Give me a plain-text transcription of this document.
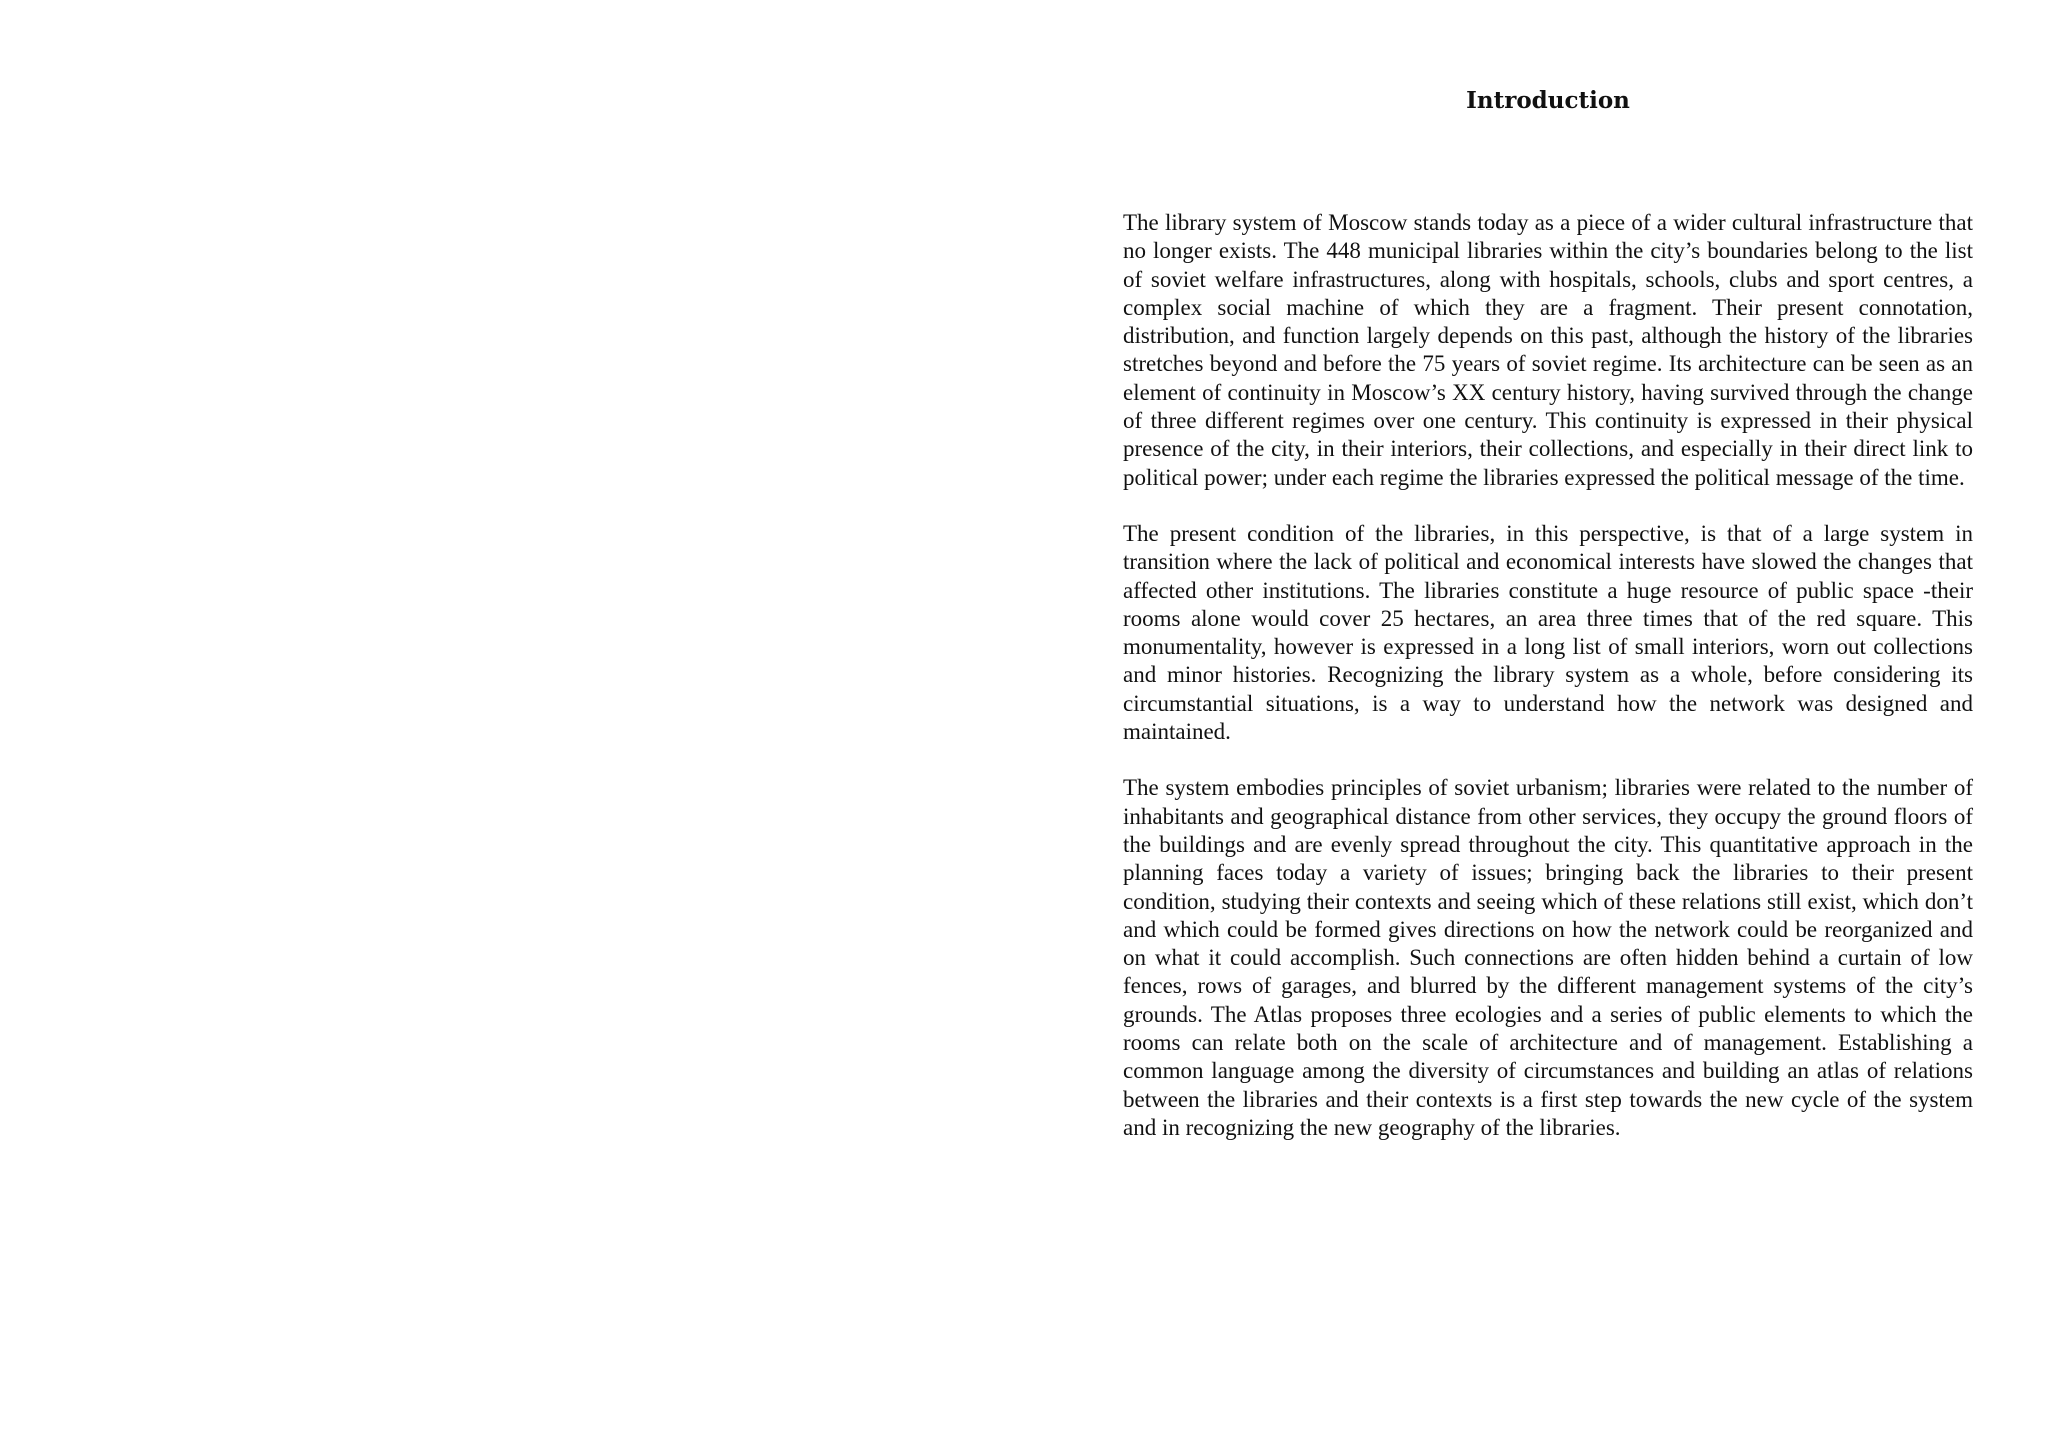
Introduction

The library system of Moscow stands today as a piece of a wider cultural infrastructure that no longer exists. The 448 municipal libraries within the city’s boundaries belong to the list of soviet welfare infrastructures, along with hospitals, schools, clubs and sport centres, a complex social machine of which they are a fragment. Their present connotation, distribution, and function largely depends on this past, although the history of the libraries stretches beyond and before the 75 years of soviet regime. Its architecture can be seen as an element of continuity in Moscow’s XX century history, having survived through the change of three different regimes over one century. This continuity is expressed in their physical presence of the city, in their interiors, their collections, and especially in their direct link to political power; under each regime the libraries expressed the political message of the time.

The present condition of the libraries, in this perspective, is that of a large system in transition where the lack of political and economical interests have slowed the changes that affected other institutions. The libraries constitute a huge resource of public space -their rooms alone would cover 25 hectares, an area three times that of the red square. This monumentality, however is expressed in a long list of small interiors, worn out collections and minor histories. Recognizing the library system as a whole, before considering its circumstantial situations, is a way to understand how the network was designed and maintained.

The system embodies principles of soviet urbanism; libraries were related to the number of inhabitants and geographical distance from other services, they occupy the ground floors of the buildings and are evenly spread throughout the city. This quantitative approach in the planning faces today a variety of issues; bringing back the libraries to their present condition, studying their contexts and seeing which of these relations still exist, which don’t and which could be formed gives directions on how the network could be reorganized and on what it could accomplish. Such connections are often hidden behind a curtain of low fences, rows of garages, and blurred by the different management systems of the city’s grounds. The Atlas proposes three ecologies and a series of public elements to which the rooms can relate both on the scale of architecture and of management. Establishing a common language among the diversity of circumstances and building an atlas of relations between the libraries and their contexts is a first step towards the new cycle of the system and in recognizing the new geography of the libraries.
